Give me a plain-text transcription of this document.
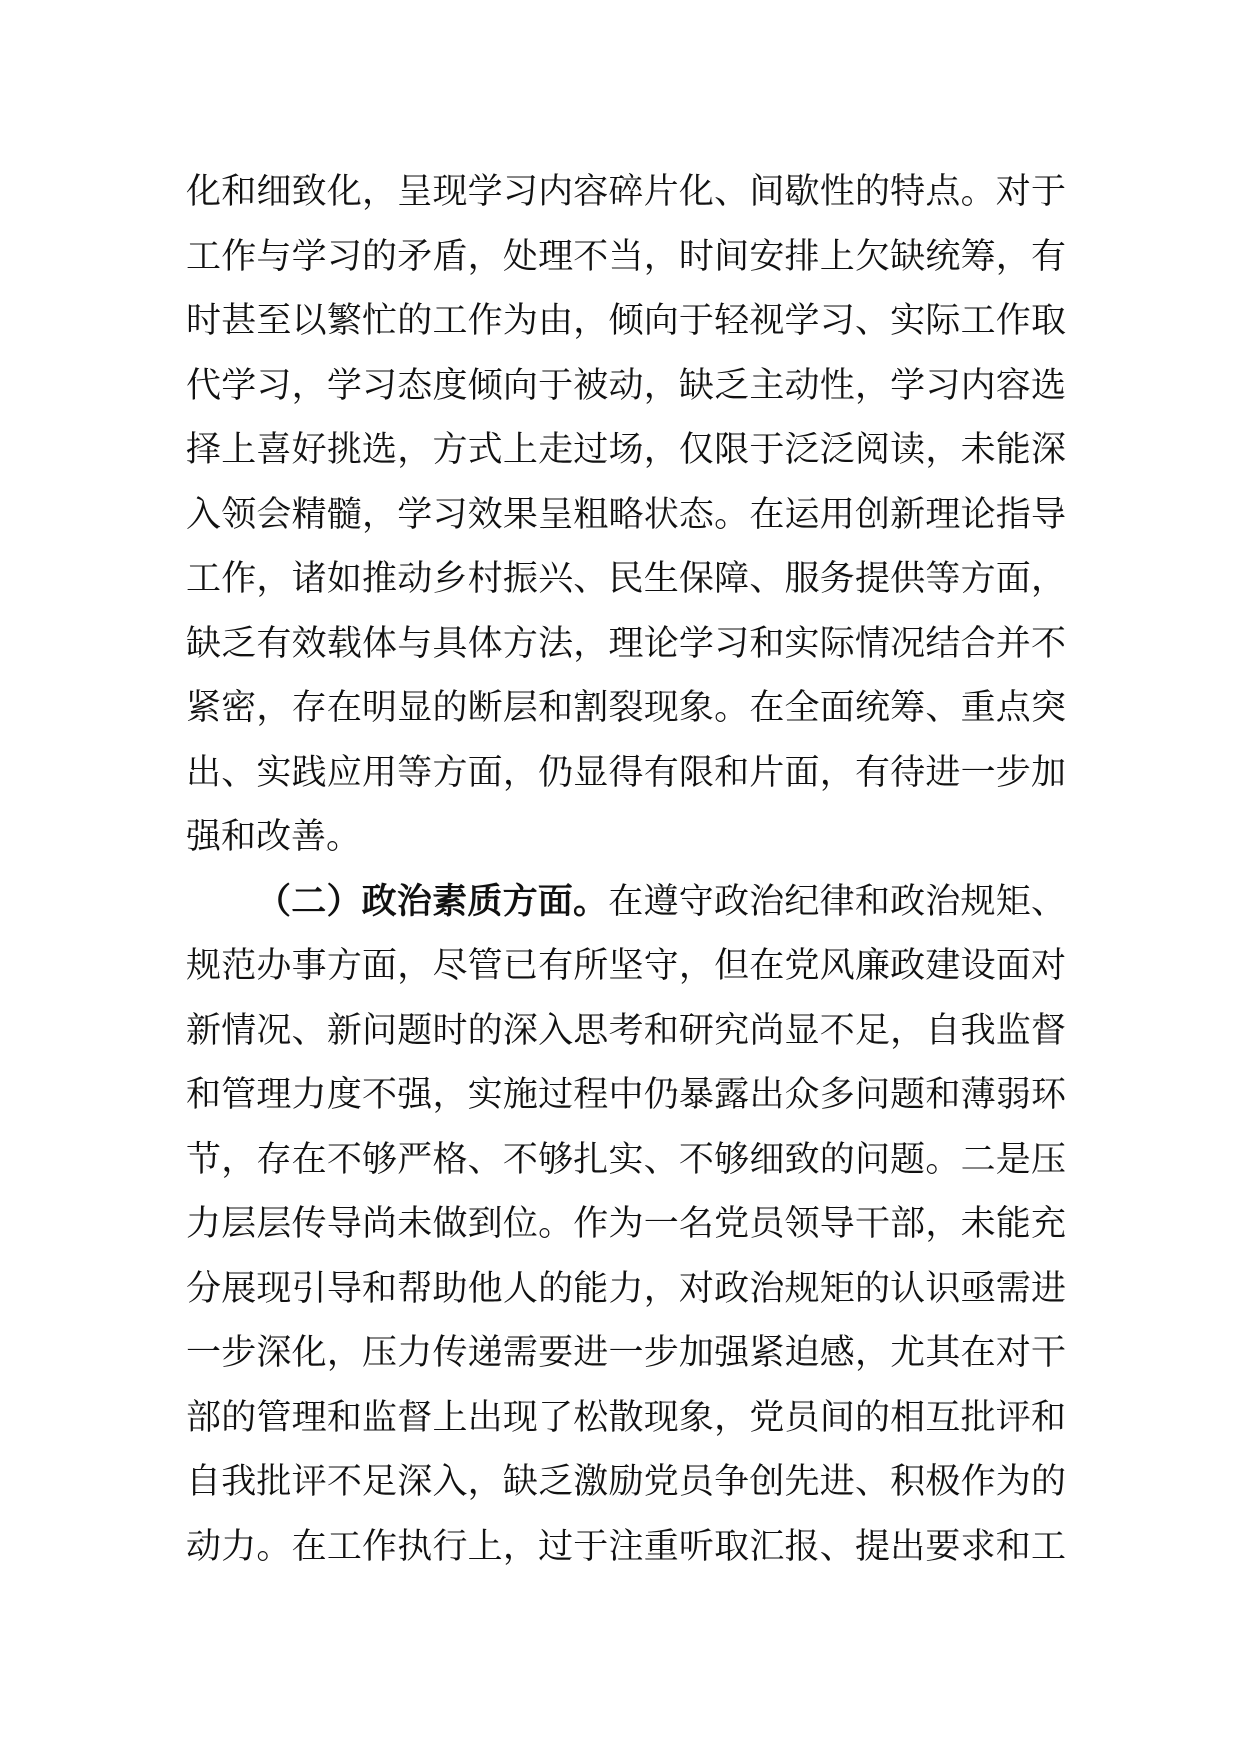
化和细致化，呈现学习内容碎片化、间歇性的特点。对于
工作与学习的矛盾，处理不当，时间安排上欠缺统筹，有
时甚至以繁忙的工作为由，倾向于轻视学习、实际工作取
代学习，学习态度倾向于被动，缺乏主动性，学习内容选
择上喜好挑选，方式上走过场，仅限于泛泛阅读，未能深
入领会精髓，学习效果呈粗略状态。在运用创新理论指导
工作，诸如推动乡村振兴、民生保障、服务提供等方面，
缺乏有效载体与具体方法，理论学习和实际情况结合并不
紧密，存在明显的断层和割裂现象。在全面统筹、重点突
出、实践应用等方面，仍显得有限和片面，有待进一步加
强和改善。
（二）政治素质方面。在遵守政治纪律和政治规矩、
规范办事方面，尽管已有所坚守，但在党风廉政建设面对
新情况、新问题时的深入思考和研究尚显不足，自我监督
和管理力度不强，实施过程中仍暴露出众多问题和薄弱环
节，存在不够严格、不够扎实、不够细致的问题。二是压
力层层传导尚未做到位。作为一名党员领导干部，未能充
分展现引导和帮助他人的能力，对政治规矩的认识亟需进
一步深化，压力传递需要进一步加强紧迫感，尤其在对干
部的管理和监督上出现了松散现象，党员间的相互批评和
自我批评不足深入，缺乏激励党员争创先进、积极作为的
动力。在工作执行上，过于注重听取汇报、提出要求和工
